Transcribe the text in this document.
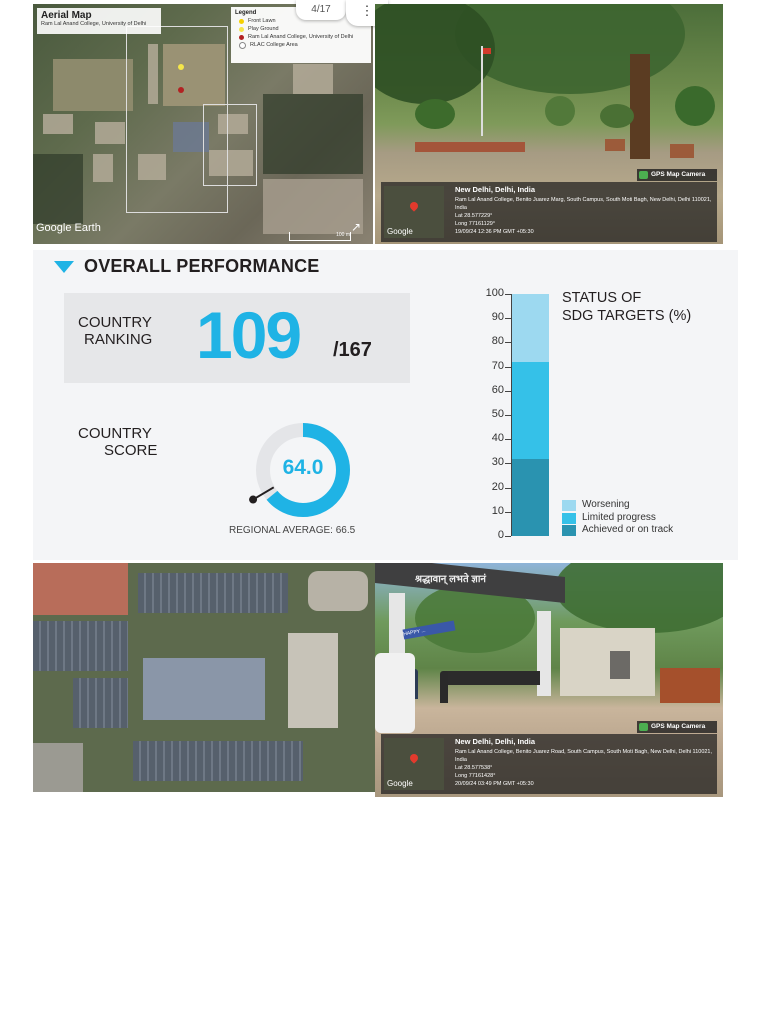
Aerial Map
Ram Lal Anand College, University of Delhi
Legend
Front Lawn
Play Ground
Ram Lal Anand College, University of Delhi
RLAC College Area
Google Earth
100 m
↗
4/17	⋮
GPS Map Camera
Google
New Delhi, Delhi, India
Ram Lal Anand College, Benito Juarez Marg, South Campus, South Moti Bagh, New Delhi, Delhi 110021, India
Lat 28.577229°
Long 77161129°
19/09/24 12:36 PM GMT +05:30
OVERALL PERFORMANCE
COUNTRY
RANKING 109 /167
COUNTRY
SCORE
64.0
REGIONAL AVERAGE: 66.5
STATUS OF
SDG TARGETS (%)
0
10
20
30
40
50
60
70
80
90
100
Worsening
Limited progress
Achieved or on track
श्रद्धावान् लभते ज्ञानं
HAPPY ...
GPS Map Camera
Google
New Delhi, Delhi, India
Ram Lal Anand College, Benito Juarez Road, South Campus, South Moti Bagh, New Delhi, Delhi 110021, India
Lat 28.577538°
Long 77161428°
20/09/24 03:49 PM GMT +05:30
